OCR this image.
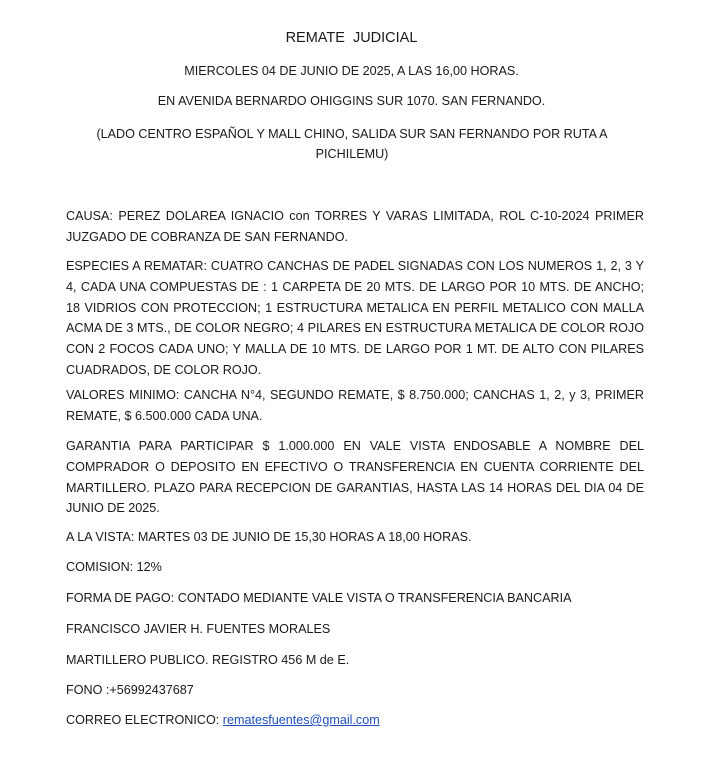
REMATE JUDICIAL
MIERCOLES 04 DE JUNIO DE 2025, A LAS 16,00 HORAS.
EN AVENIDA BERNARDO OHIGGINS SUR 1070. SAN FERNANDO.
(LADO CENTRO ESPAÑOL Y MALL CHINO, SALIDA SUR SAN FERNANDO POR RUTA A PICHILEMU)
CAUSA: PEREZ DOLAREA IGNACIO con TORRES Y VARAS LIMITADA, ROL C-10-2024 PRIMER JUZGADO DE COBRANZA DE SAN FERNANDO.
ESPECIES A REMATAR: CUATRO CANCHAS DE PADEL SIGNADAS CON LOS NUMEROS 1, 2, 3 Y 4, CADA UNA COMPUESTAS DE : 1 CARPETA DE 20 MTS. DE LARGO POR 10 MTS. DE ANCHO; 18 VIDRIOS CON PROTECCION; 1 ESTRUCTURA METALICA EN PERFIL METALICO CON MALLA ACMA DE 3 MTS., DE COLOR NEGRO; 4 PILARES EN ESTRUCTURA METALICA DE COLOR ROJO CON 2 FOCOS CADA UNO; Y MALLA DE 10 MTS. DE LARGO POR 1 MT. DE ALTO CON PILARES CUADRADOS, DE COLOR ROJO.
VALORES MINIMO: CANCHA N°4, SEGUNDO REMATE, $ 8.750.000; CANCHAS 1, 2, y 3, PRIMER REMATE, $ 6.500.000 CADA UNA.
GARANTIA PARA PARTICIPAR $ 1.000.000 EN VALE VISTA ENDOSABLE A NOMBRE DEL COMPRADOR O DEPOSITO EN EFECTIVO O TRANSFERENCIA EN CUENTA CORRIENTE DEL MARTILLERO. PLAZO PARA RECEPCION DE GARANTIAS, HASTA LAS 14 HORAS DEL DIA 04 DE JUNIO DE 2025.
A LA VISTA: MARTES 03 DE JUNIO DE 15,30 HORAS A 18,00 HORAS.
COMISION: 12%
FORMA DE PAGO: CONTADO MEDIANTE VALE VISTA O TRANSFERENCIA BANCARIA
FRANCISCO JAVIER H. FUENTES MORALES
MARTILLERO PUBLICO. REGISTRO 456 M de E.
FONO :+56992437687
CORREO ELECTRONICO: rematesfuentes@gmail.com
